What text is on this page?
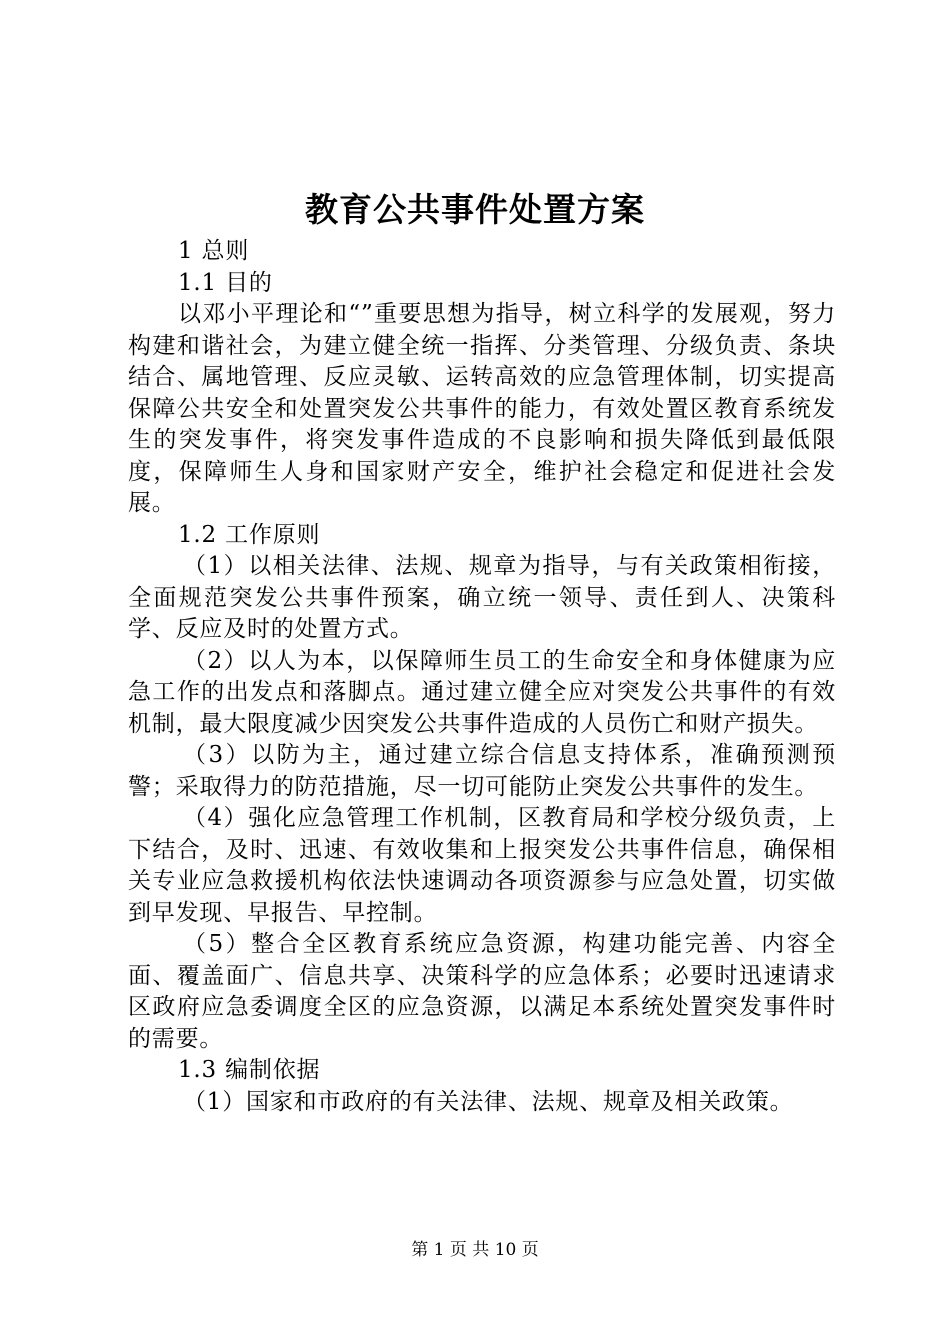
教育公共事件处置方案

1 总则

1.1 目的

以邓小平理论和“”重要思想为指导，树立科学的发展观，努力构建和谐社会，为建立健全统一指挥、分类管理、分级负责、条块结合、属地管理、反应灵敏、运转高效的应急管理体制，切实提高保障公共安全和处置突发公共事件的能力，有效处置区教育系统发生的突发事件，将突发事件造成的不良影响和损失降低到最低限度，保障师生人身和国家财产安全，维护社会稳定和促进社会发展。

1.2 工作原则

（1）以相关法律、法规、规章为指导，与有关政策相衔接，全面规范突发公共事件预案，确立统一领导、责任到人、决策科学、反应及时的处置方式。

（2）以人为本，以保障师生员工的生命安全和身体健康为应急工作的出发点和落脚点。通过建立健全应对突发公共事件的有效机制，最大限度减少因突发公共事件造成的人员伤亡和财产损失。

（3）以防为主，通过建立综合信息支持体系，准确预测预警；采取得力的防范措施，尽一切可能防止突发公共事件的发生。

（4）强化应急管理工作机制，区教育局和学校分级负责，上下结合，及时、迅速、有效收集和上报突发公共事件信息，确保相关专业应急救援机构依法快速调动各项资源参与应急处置，切实做到早发现、早报告、早控制。

（5）整合全区教育系统应急资源，构建功能完善、内容全面、覆盖面广、信息共享、决策科学的应急体系；必要时迅速请求区政府应急委调度全区的应急资源，以满足本系统处置突发事件时的需要。

1.3 编制依据

（1）国家和市政府的有关法律、法规、规章及相关政策。

第 1 页 共 10 页
